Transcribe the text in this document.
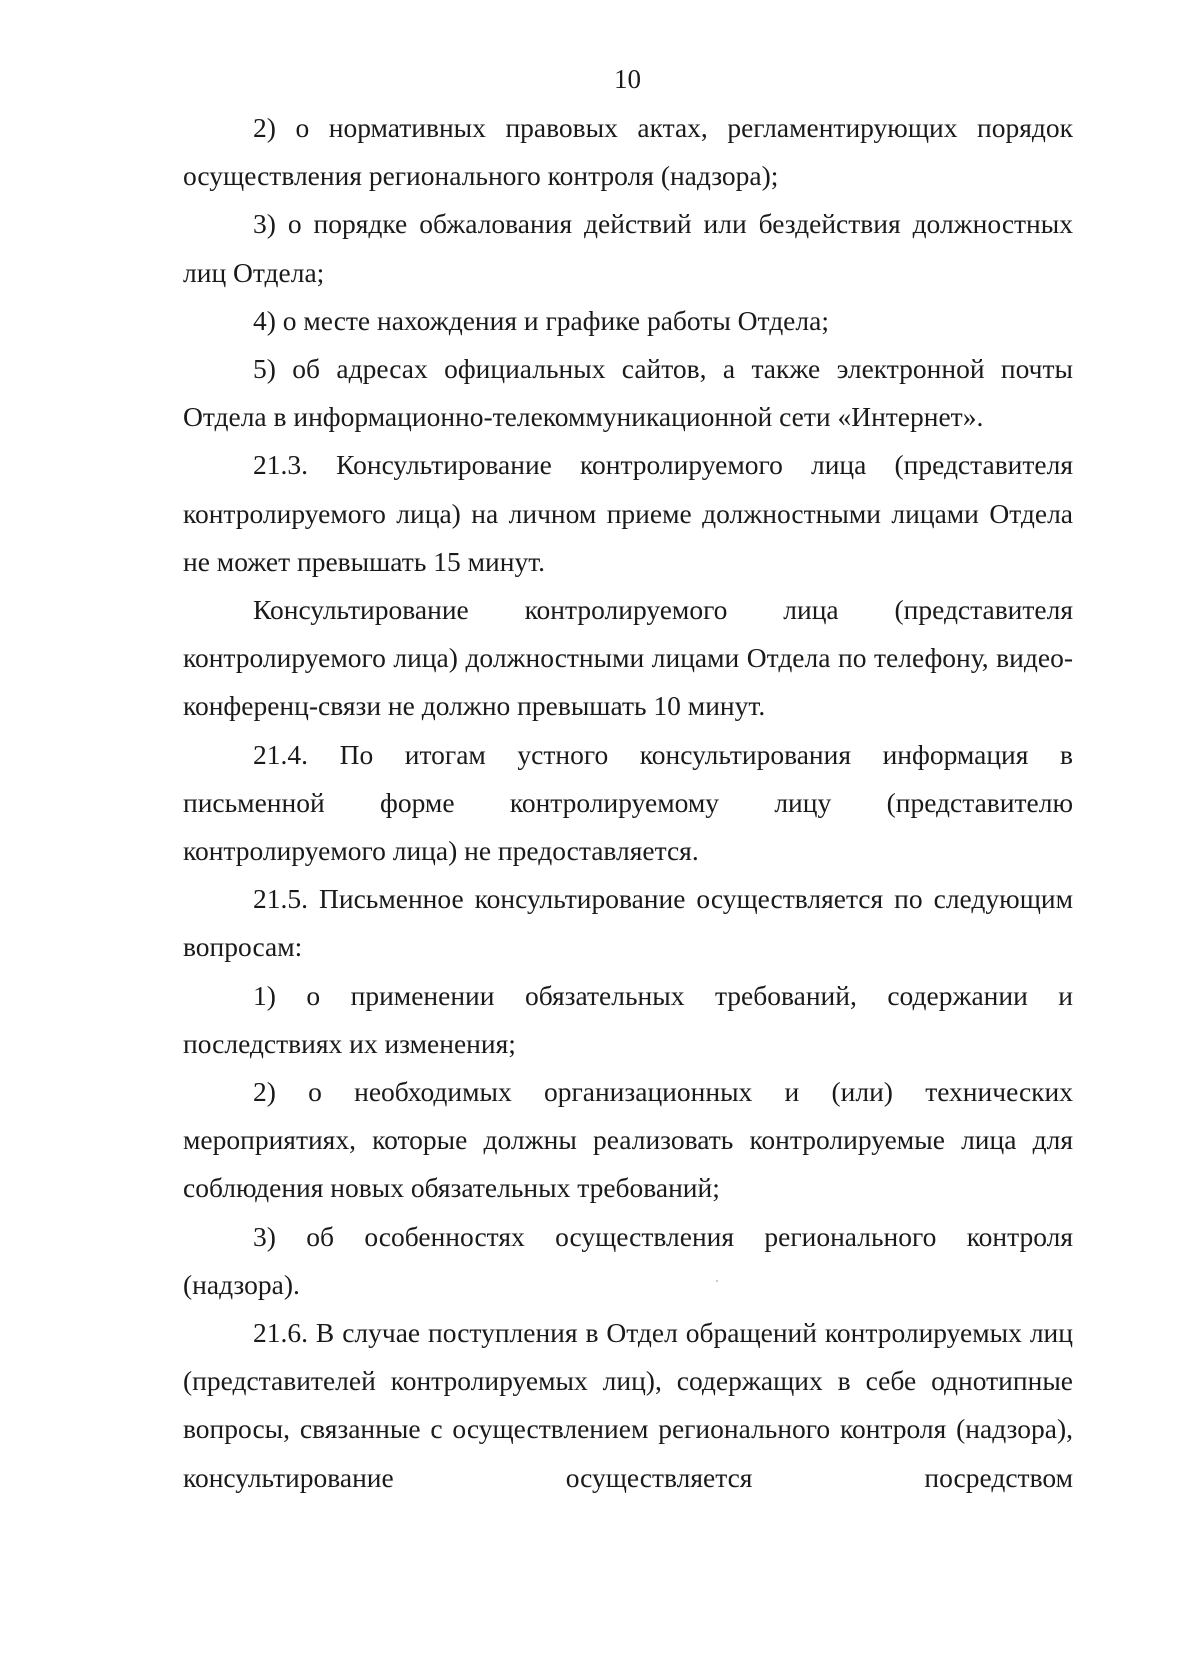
10

2) о нормативных правовых актах, регламентирующих порядок осуществления регионального контроля (надзора);

3) о порядке обжалования действий или бездействия должностных лиц Отдела;

4) о месте нахождения и графике работы Отдела;

5) об адресах официальных сайтов, а также электронной почты Отдела в информационно-телекоммуникационной сети «Интернет».

21.3. Консультирование контролируемого лица (представителя контролируемого лица) на личном приеме должностными лицами Отдела не может превышать 15 минут.

Консультирование контролируемого лица (представителя контролируемого лица) должностными лицами Отдела по телефону, видео-конференц-связи не должно превышать 10 минут.

21.4. По итогам устного консультирования информация в письменной форме контролируемому лицу (представителю контролируемого лица) не предоставляется.

21.5. Письменное консультирование осуществляется по следующим вопросам:

1) о применении обязательных требований, содержании и последствиях их изменения;

2) о необходимых организационных и (или) технических мероприятиях, которые должны реализовать контролируемые лица для соблюдения новых обязательных требований;

3) об особенностях осуществления регионального контроля (надзора).

21.6. В случае поступления в Отдел обращений контролируемых лиц (представителей контролируемых лиц), содержащих в себе однотипные вопросы, связанные с осуществлением регионального контроля (надзора), консультирование осуществляется посредством
